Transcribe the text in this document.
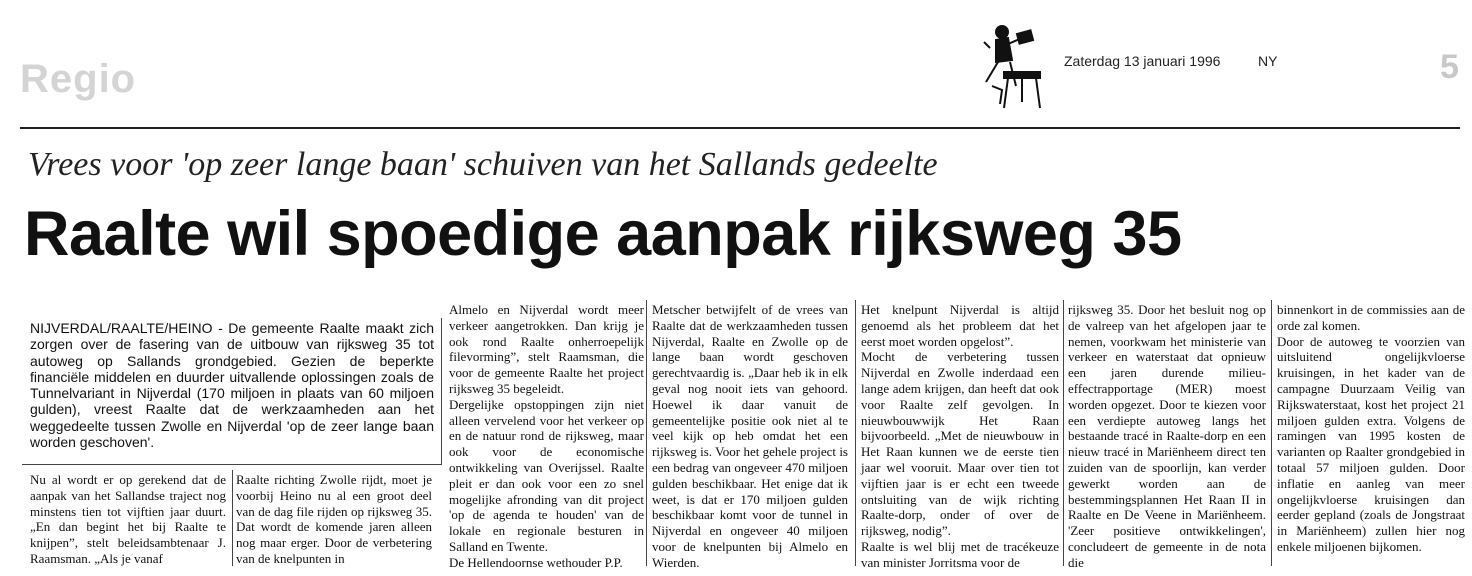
Regio	Zaterdag 13 januari 1996	NY	5
Vrees voor 'op zeer lange baan' schuiven van het Sallands gedeelte
Raalte wil spoedige aanpak rijksweg 35

NIJVERDAL/RAALTE/HEINO - De gemeente Raalte maakt zich zorgen over de fasering van de uitbouw van rijksweg 35 tot autoweg op Sallands grondgebied. Gezien de beperkte financiële middelen en duurder uitvallende oplossingen zoals de Tunnelvariant in Nijverdal (170 miljoen in plaats van 60 miljoen gulden), vreest Raalte dat de werkzaamheden aan het weggedeelte tussen Zwolle en Nijverdal 'op de zeer lange baan worden geschoven'.

Nu al wordt er op gerekend dat de aanpak van het Sallandse traject nog minstens tien tot vijftien jaar duurt. „En dan begint het bij Raalte te knijpen”, stelt beleidsambtenaar J. Raamsman. „Als je vanaf
Raalte richting Zwolle rijdt, moet je voorbij Heino nu al een groot deel van de dag file rijden op rijksweg 35. Dat wordt de komende jaren alleen nog maar erger. Door de verbetering van de knelpunten in
Almelo en Nijverdal wordt meer verkeer aangetrokken. Dan krijg je ook rond Raalte onherroepelijk filevorming”, stelt Raamsman, die voor de gemeente Raalte het project rijksweg 35 begeleidt.
Dergelijke opstoppingen zijn niet alleen vervelend voor het verkeer op en de natuur rond de rijksweg, maar ook voor de economische ontwikkeling van Overijssel. Raalte pleit er dan ook voor een zo snel mogelijke afronding van dit project 'op de agenda te houden' van de lokale en regionale besturen in Salland en Twente.
De Hellendoornse wethouder P.P.
Metscher betwijfelt of de vrees van Raalte dat de werkzaamheden tussen Nijverdal, Raalte en Zwolle op de lange baan wordt geschoven gerechtvaardig is. „Daar heb ik in elk geval nog nooit iets van gehoord. Hoewel ik daar vanuit de gemeentelijke positie ook niet al te veel kijk op heb omdat het een rijksweg is. Voor het gehele project is een bedrag van ongeveer 470 miljoen gulden beschikbaar. Het enige dat ik weet, is dat er 170 miljoen gulden beschikbaar komt voor de tunnel in Nijverdal en ongeveer 40 miljoen voor de knelpunten bij Almelo en Wierden.
Het knelpunt Nijverdal is altijd genoemd als het probleem dat het eerst moet worden opgelost”.
Mocht de verbetering tussen Nijverdal en Zwolle inderdaad een lange adem krijgen, dan heeft dat ook voor Raalte zelf gevolgen. In nieuwbouwwijk Het Raan bijvoorbeeld. „Met de nieuwbouw in Het Raan kunnen we de eerste tien jaar wel vooruit. Maar over tien tot vijftien jaar is er echt een tweede ontsluiting van de wijk richting Raalte-dorp, onder of over de rijksweg, nodig”.
Raalte is wel blij met de tracékeuze van minister Jorritsma voor de
rijksweg 35. Door het besluit nog op de valreep van het afgelopen jaar te nemen, voorkwam het ministerie van verkeer en waterstaat dat opnieuw een jaren durende milieu-effectrapportage (MER) moest worden opgezet. Door te kiezen voor een verdiepte autoweg langs het bestaande tracé in Raalte-dorp en een nieuw tracé in Mariënheem direct ten zuiden van de spoorlijn, kan verder gewerkt worden aan de bestemmingsplannen Het Raan II in Raalte en De Veene in Mariënheem. 'Zeer positieve ontwikkelingen', concludeert de gemeente in de nota die
binnenkort in de commissies aan de orde zal komen.
Door de autoweg te voorzien van uitsluitend ongelijkvloerse kruisingen, in het kader van de campagne Duurzaam Veilig van Rijkswaterstaat, kost het project 21 miljoen gulden extra. Volgens de ramingen van 1995 kosten de varianten op Raalter grondgebied in totaal 57 miljoen gulden. Door inflatie en aanleg van meer ongelijkvloerse kruisingen dan eerder gepland (zoals de Jongstraat in Mariënheem) zullen hier nog enkele miljoenen bijkomen.
